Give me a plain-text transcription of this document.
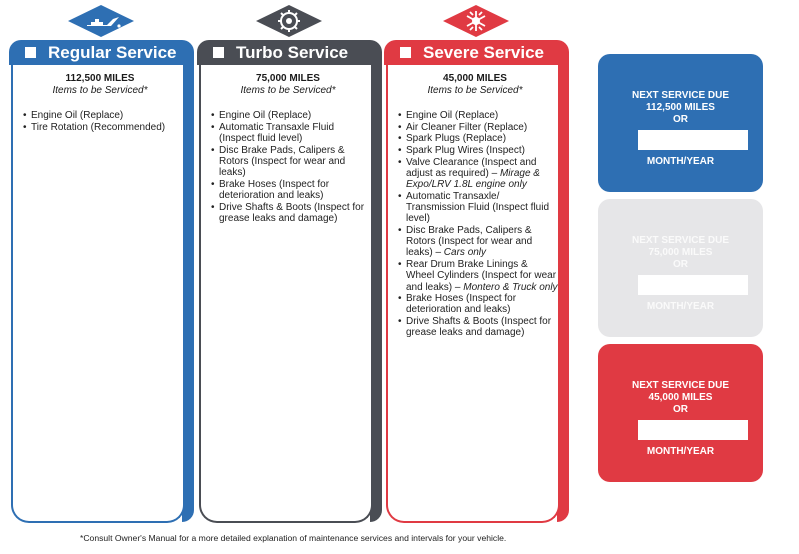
Regular Service
112,500 MILES
Items to be Serviced*
• Engine Oil (Replace)
• Tire Rotation (Recommended)
Turbo Service
75,000 MILES
Items to be Serviced*
• Engine Oil (Replace)
• Automatic Transaxle Fluid (Inspect fluid level)
• Disc Brake Pads, Calipers & Rotors (Inspect for wear and leaks)
• Brake Hoses (Inspect for deterioration and leaks)
• Drive Shafts & Boots (Inspect for grease leaks and damage)
Severe Service
45,000 MILES
Items to be Serviced*
• Engine Oil (Replace)
• Air Cleaner Filter (Replace)
• Spark Plugs (Replace)
• Spark Plug Wires (Inspect)
• Valve Clearance (Inspect and adjust as required) – Mirage & Expo/LRV 1.8L engine only
• Automatic Transaxle/ Transmission Fluid (Inspect fluid level)
• Disc Brake Pads, Calipers & Rotors (Inspect for wear and leaks) – Cars only
• Rear Drum Brake Linings & Wheel Cylinders (Inspect for wear and leaks) – Montero & Truck only
• Brake Hoses (Inspect for deterioration and leaks)
• Drive Shafts & Boots (Inspect for grease leaks and damage)
NEXT SERVICE DUE
112,500 MILES
OR
MONTH/YEAR
NEXT SERVICE DUE
75,000 MILES
OR
MONTH/YEAR
NEXT SERVICE DUE
45,000 MILES
OR
MONTH/YEAR
*Consult Owner's Manual for a more detailed explanation of maintenance services and intervals for your vehicle.
